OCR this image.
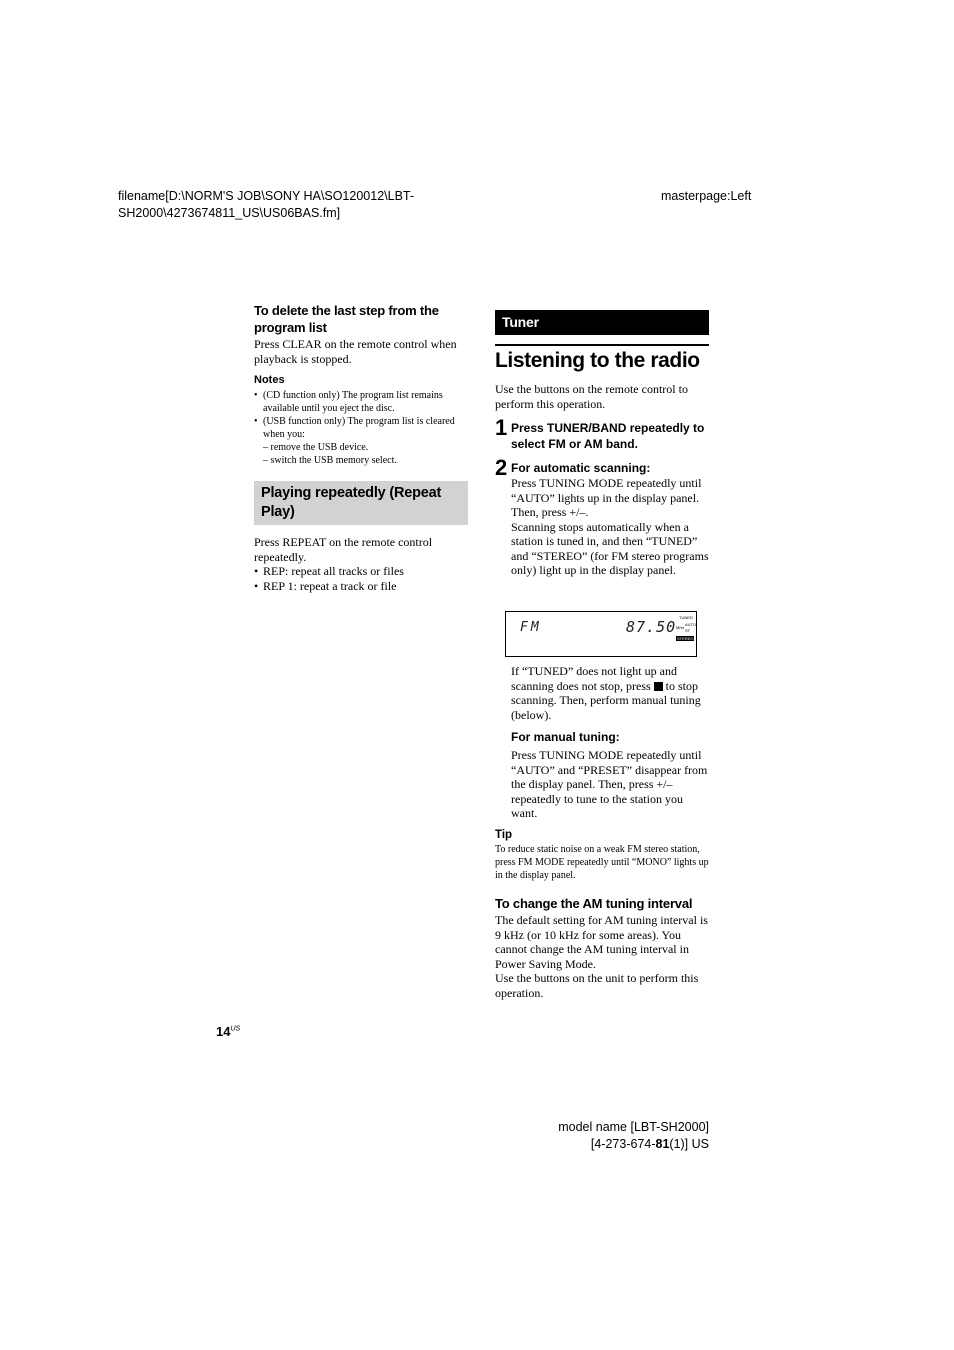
filename[D:\NORM'S JOB\SONY HA\SO120012\LBT-
SH2000\4273674811_US\US06BAS.fm]
masterpage:Left
To delete the last step from the program list
Press CLEAR on the remote control when playback is stopped.
Notes
• (CD function only) The program list remains available until you eject the disc.
• (USB function only) The program list is cleared when you:
– remove the USB device.
– switch the USB memory select.
Playing repeatedly (Repeat Play)
Press REPEAT on the remote control repeatedly.
• REP: repeat all tracks or files
• REP 1: repeat a track or file
Tuner
Listening to the radio
Use the buttons on the remote control to perform this operation.
1 Press TUNER/BAND repeatedly to select FM or AM band.
2 For automatic scanning:
Press TUNING MODE repeatedly until “AUTO” lights up in the display panel. Then, press +/–.
Scanning stops automatically when a station is tuned in, and then “TUNED” and “STEREO” (for FM stereo programs only) light up in the display panel.
FM	87.50
TUNED
MHz
AUTO
ST
STEREO
If “TUNED” does not light up and scanning does not stop, press to stop scanning. Then, perform manual tuning (below).
For manual tuning:
Press TUNING MODE repeatedly until “AUTO” and “PRESET” disappear from the display panel. Then, press +/– repeatedly to tune to the station you want.
Tip
To reduce static noise on a weak FM stereo station, press FM MODE repeatedly until “MONO” lights up in the display panel.
To change the AM tuning interval
The default setting for AM tuning interval is 9 kHz (or 10 kHz for some areas). You cannot change the AM tuning interval in Power Saving Mode.
Use the buttons on the unit to perform this operation.
$14^{US}$
model name [LBT-SH2000]
[4-273-674-81(1)] US
